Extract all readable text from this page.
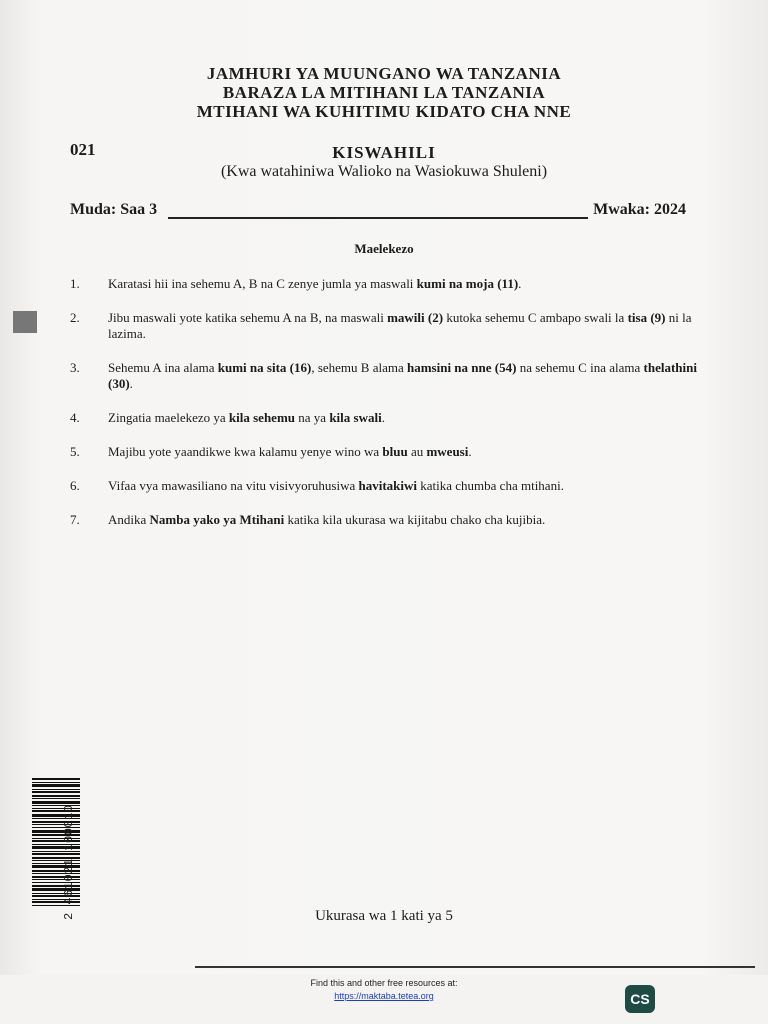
JAMHURI YA MUUNGANO WA TANZANIA
BARAZA LA MITIHANI LA TANZANIA
MTIHANI WA KUHITIMU KIDATO CHA NNE
021	KISWAHILI
(Kwa watahiniwa Walioko na Wasiokuwa Shuleni)
Muda: Saa 3	Mwaka: 2024
Maelekezo
1. Karatasi hii ina sehemu A, B na C zenye jumla ya maswali kumi na moja (11).
2. Jibu maswali yote katika sehemu A na B, na maswali mawili (2) kutoka sehemu C ambapo swali la tisa (9) ni la lazima.
3. Sehemu A ina alama kumi na sita (16), sehemu B alama hamsini na nne (54) na sehemu C ina alama thelathini (30).
4. Zingatia maelekezo ya kila sehemu na ya kila swali.
5. Majibu yote yaandikwe kwa kalamu yenye wino wa bluu au mweusi.
6. Vifaa vya mawasiliano na vitu visivyoruhusiwa havitakiwi katika chumba cha mtihani.
7. Andika Namba yako ya Mtihani katika kila ukurasa wa kijitabu chako cha kujibia.
2 461021 100010	Ukurasa wa 1 kati ya 5
Find this and other free resources at:
https://maktaba.tetea.org	CS
